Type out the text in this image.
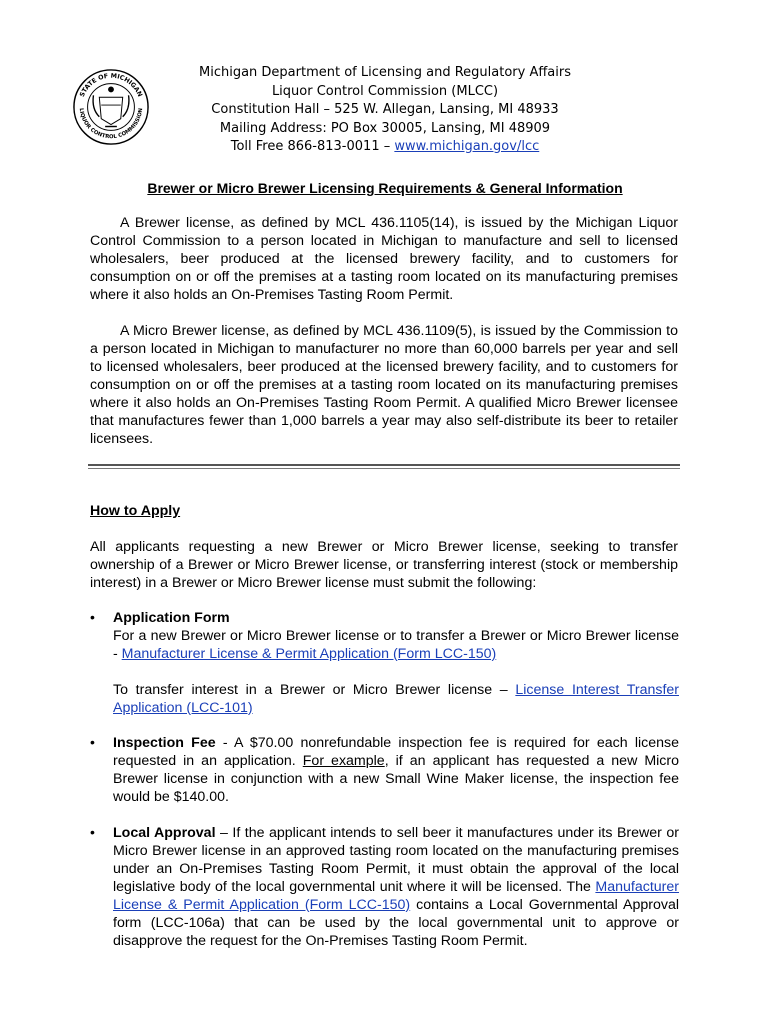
STATE OF MICHIGAN
LIQUOR CONTROL COMMISSION
Michigan Department of Licensing and Regulatory Affairs
Liquor Control Commission (MLCC)
Constitution Hall – 525 W. Allegan, Lansing, MI 48933
Mailing Address: PO Box 30005, Lansing, MI 48909
Toll Free 866-813-0011 – www.michigan.gov/lcc
Brewer or Micro Brewer Licensing Requirements & General Information
A Brewer license, as defined by MCL 436.1105(14), is issued by the Michigan Liquor Control Commission to a person located in Michigan to manufacture and sell to licensed wholesalers, beer produced at the licensed brewery facility, and to customers for consumption on or off the premises at a tasting room located on its manufacturing premises where it also holds an On-Premises Tasting Room Permit.
A Micro Brewer license, as defined by MCL 436.1109(5), is issued by the Commission to a person located in Michigan to manufacturer no more than 60,000 barrels per year and sell to licensed wholesalers, beer produced at the licensed brewery facility, and to customers for consumption on or off the premises at a tasting room located on its manufacturing premises where it also holds an On-Premises Tasting Room Permit. A qualified Micro Brewer licensee that manufactures fewer than 1,000 barrels a year may also self-distribute its beer to retailer licensees.
How to Apply
All applicants requesting a new Brewer or Micro Brewer license, seeking to transfer ownership of a Brewer or Micro Brewer license, or transferring interest (stock or membership interest) in a Brewer or Micro Brewer license must submit the following:
• Application Form

For a new Brewer or Micro Brewer license or to transfer a Brewer or Micro Brewer license - Manufacturer License & Permit Application (Form LCC-150)

To transfer interest in a Brewer or Micro Brewer license – License Interest Transfer Application (LCC-101)

• Inspection Fee - A $70.00 nonrefundable inspection fee is required for each license requested in an application. For example, if an applicant has requested a new Micro Brewer license in conjunction with a new Small Wine Maker license, the inspection fee would be $140.00.

• Local Approval – If the applicant intends to sell beer it manufactures under its Brewer or Micro Brewer license in an approved tasting room located on the manufacturing premises under an On-Premises Tasting Room Permit, it must obtain the approval of the local legislative body of the local governmental unit where it will be licensed. The Manufacturer License & Permit Application (Form LCC-150) contains a Local Governmental Approval form (LCC-106a) that can be used by the local governmental unit to approve or disapprove the request for the On-Premises Tasting Room Permit.
